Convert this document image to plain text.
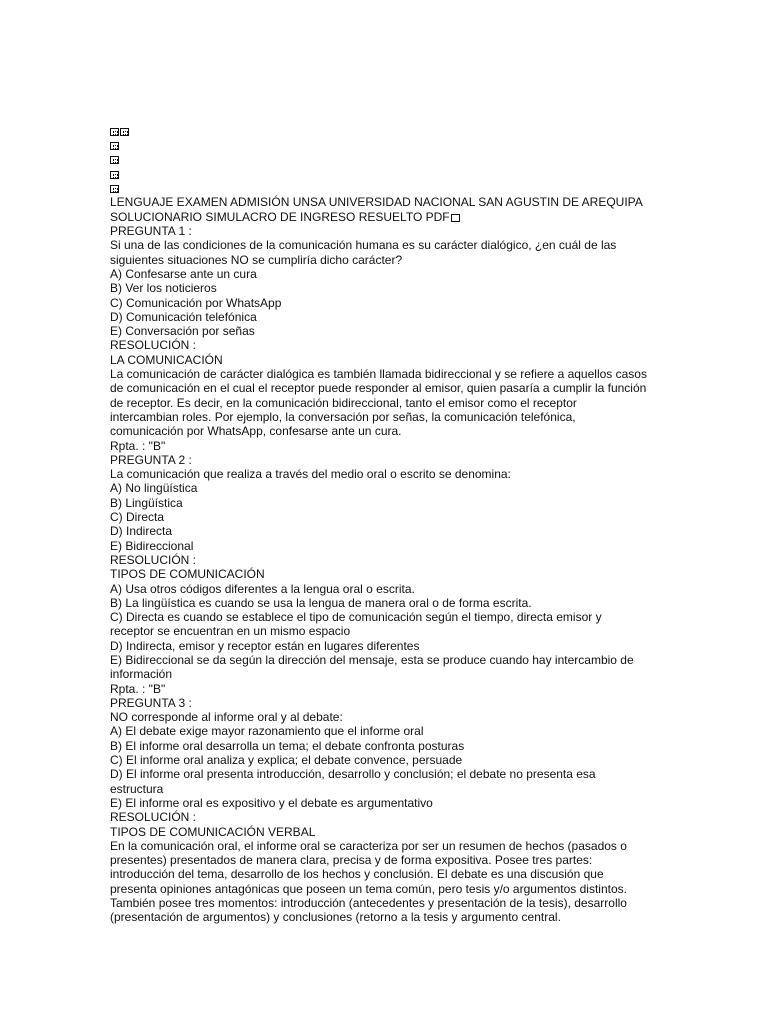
LENGUAJE EXAMEN ADMISIÓN UNSA UNIVERSIDAD NACIONAL SAN AGUSTIN DE AREQUIPA
SOLUCIONARIO SIMULACRO DE INGRESO RESUELTO PDF
PREGUNTA 1 :
Si una de las condiciones de la comunicación humana es su carácter dialógico, ¿en cuál de las
siguientes situaciones NO se cumpliría dicho carácter?
A) Confesarse ante un cura
B) Ver los noticieros
C) Comunicación por WhatsApp
D) Comunicación telefónica
E) Conversación por señas
RESOLUCIÓN :
LA COMUNICACIÓN
La comunicación de carácter dialógica es también llamada bidireccional y se refiere a aquellos casos
de comunicación en el cual el receptor puede responder al emisor, quien pasaría a cumplir la función
de receptor. Es decir, en la comunicación bidireccional, tanto el emisor como el receptor
intercambian roles. Por ejemplo, la conversación por señas, la comunicación telefónica,
comunicación por WhatsApp, confesarse ante un cura.
Rpta. : "B"
PREGUNTA 2 :
La comunicación que realiza a través del medio oral o escrito se denomina:
A) No lingüística
B) Lingüística
C) Directa
D) Indirecta
E) Bidireccional
RESOLUCIÓN :
TIPOS DE COMUNICACIÓN
A) Usa otros códigos diferentes a la lengua oral o escrita.
B) La lingüística es cuando se usa la lengua de manera oral o de forma escrita.
C) Directa es cuando se establece el tipo de comunicación según el tiempo, directa emisor y
receptor se encuentran en un mismo espacio
D) Indirecta, emisor y receptor están en lugares diferentes
E) Bidireccional se da según la dirección del mensaje, esta se produce cuando hay intercambio de
información
Rpta. : "B"
PREGUNTA 3 :
NO corresponde al informe oral y al debate:
A) El debate exige mayor razonamiento que el informe oral
B) El informe oral desarrolla un tema; el debate confronta posturas
C) El informe oral analiza y explica; el debate convence, persuade
D) El informe oral presenta introducción, desarrollo y conclusión; el debate no presenta esa
estructura
E) El informe oral es expositivo y el debate es argumentativo
RESOLUCIÓN :
TIPOS DE COMUNICACIÓN VERBAL
En la comunicación oral, el informe oral se caracteriza por ser un resumen de hechos (pasados o
presentes) presentados de manera clara, precisa y de forma expositiva. Posee tres partes:
introducción del tema, desarrollo de los hechos y conclusión. El debate es una discusión que
presenta opiniones antagónicas que poseen un tema común, pero tesis y/o argumentos distintos.
También posee tres momentos: introducción (antecedentes y presentación de la tesis), desarrollo
(presentación de argumentos) y conclusiones (retorno a la tesis y argumento central.
